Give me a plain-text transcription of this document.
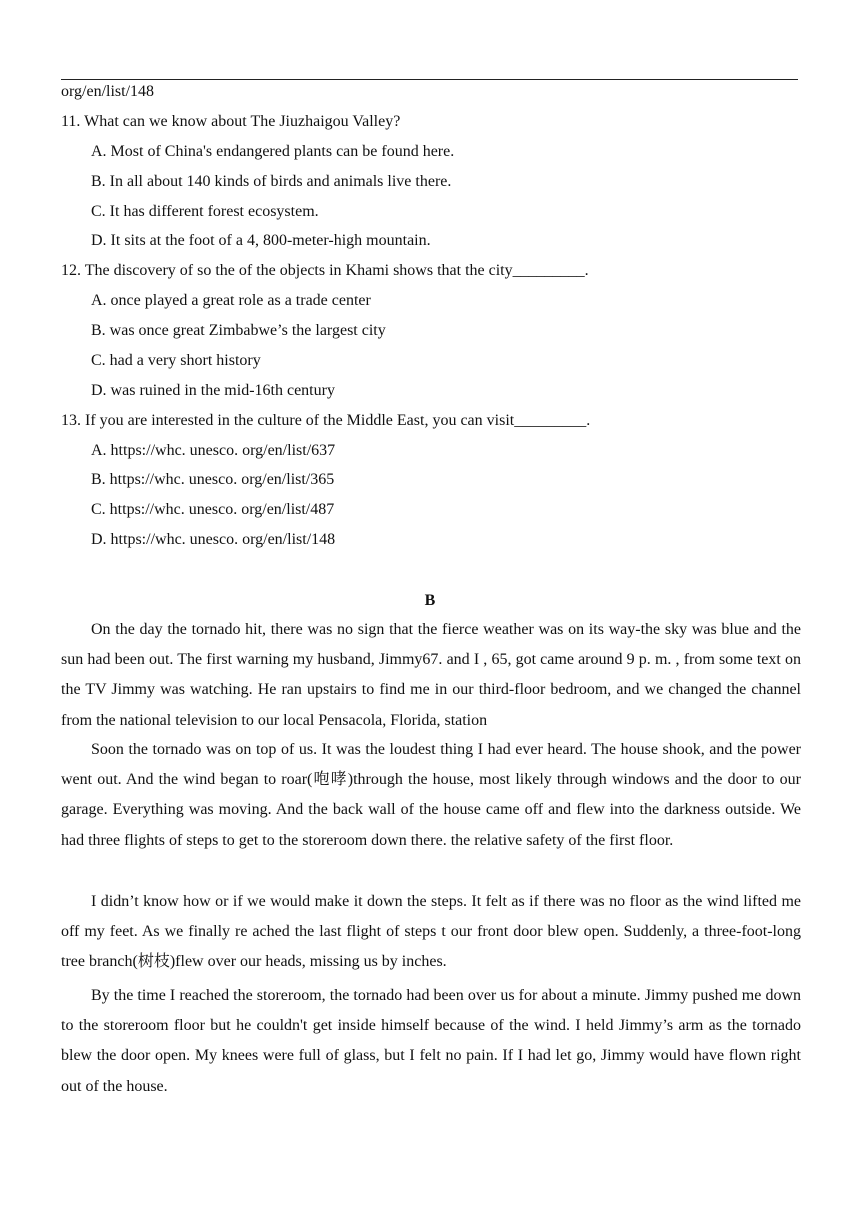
org/en/list/148
11. What can we know about The Jiuzhaigou Valley?
A. Most of China's endangered plants can be found here.
B. In all about 140 kinds of birds and animals live there.
C. It has different forest ecosystem.
D. It sits at the foot of a 4, 800-meter-high mountain.
12. The discovery of so the of the objects in Khami shows that the city_________.
A. once played a great role as a trade center
B. was once great Zimbabwe’s the largest city
C. had a very short history
D. was ruined in the mid-16th century
13. If you are interested in the culture of the Middle East, you can visit_________.
A. https://whc. unesco. org/en/list/637
B. https://whc. unesco. org/en/list/365
C. https://whc. unesco. org/en/list/487
D. https://whc. unesco. org/en/list/148
B

On the day the tornado hit, there was no sign that the fierce weather was on its way-the sky was blue and the sun had been out. The first warning my husband, Jimmy67. and I , 65, got came around 9 p. m. , from some text on the TV Jimmy was watching. He ran upstairs to find me in our third-floor bedroom, and we changed the channel from the national television to our local Pensacola, Florida, station

Soon the tornado was on top of us. It was the loudest thing I had ever heard. The house shook, and the power went out. And the wind began to roar(咆哮)through the house, most likely through windows and the door to our garage. Everything was moving. And the back wall of the house came off and flew into the darkness outside. We had three flights of steps to get to the storeroom down there. the relative safety of the first floor.

I didn’t know how or if we would make it down the steps. It felt as if there was no floor as the wind lifted me off my feet. As we finally re ached the last flight of steps t our front door blew open. Suddenly, a three-foot-long tree branch(树枝)flew over our heads, missing us by inches.

By the time I reached the storeroom, the tornado had been over us for about a minute. Jimmy pushed me down to the storeroom floor but he couldn't get inside himself because of the wind. I held Jimmy’s arm as the tornado blew the door open. My knees were full of glass, but I felt no pain. If I had let go, Jimmy would have flown right out of the house.
